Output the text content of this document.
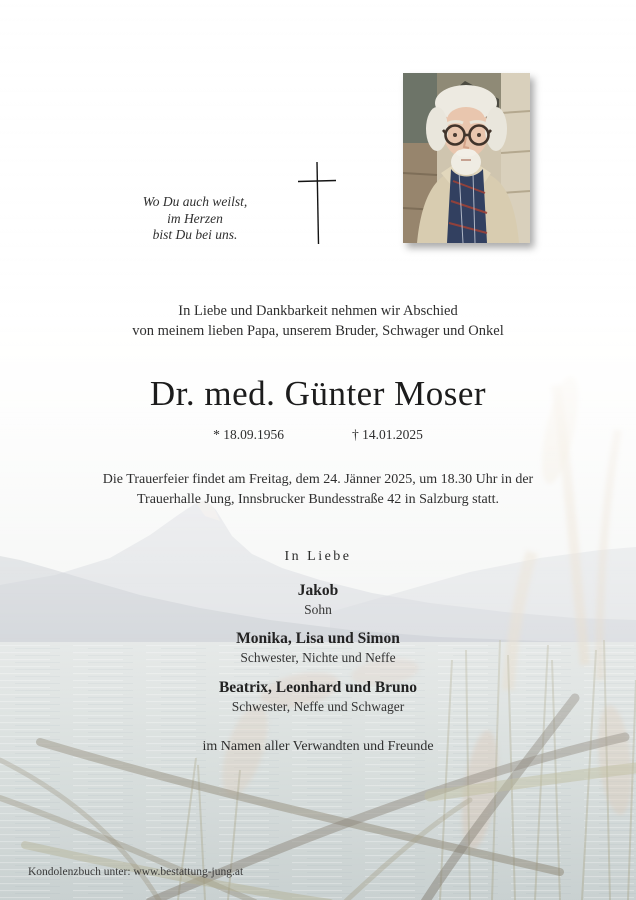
Wo Du auch weilst,
im Herzen
bist Du bei uns.
In Liebe und Dankbarkeit nehmen wir Abschied
von meinem lieben Papa, unserem Bruder, Schwager und Onkel
Dr. med. Günter Moser
* 18.09.1956	† 14.01.2025
Die Trauerfeier findet am Freitag, dem 24. Jänner 2025, um 18.30 Uhr in der
Trauerhalle Jung, Innsbrucker Bundesstraße 42 in Salzburg statt.
In Liebe
Jakob
Sohn
Monika, Lisa und Simon
Schwester, Nichte und Neffe
Beatrix, Leonhard und Bruno
Schwester, Neffe und Schwager
im Namen aller Verwandten und Freunde
Kondolenzbuch unter: www.bestattung-jung.at
